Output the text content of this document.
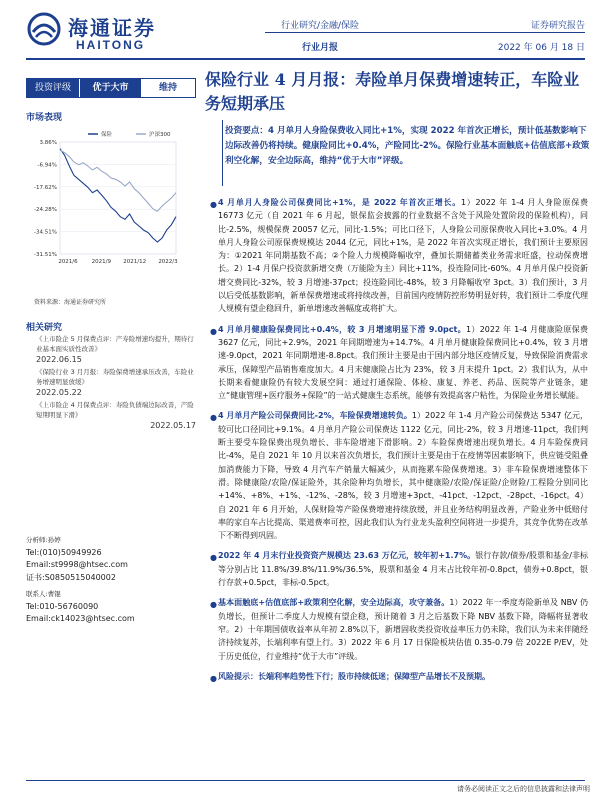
海通证券
HAITONG
行业研究/金融/保险
行业月报
证券研究报告
2022 年 06 月 18 日
投资评级	优于大市	维持
市场表现
3.86%
-6.94%
-17.62%
-24.28%
-34.51%
-31.51%
2021/6	2021/9 2021/12 2022/3
保险	沪深300
资料来源：海通证券研究所
相关研究
《上市险企 5 月保费点评：产寿险增速均提升，期待行业基本面实质性改善》
2022.06.15
《保险行业 3 月月报：寿险保费增速承压改善，车险业务增速明显放缓》
2022.05.22
《上市险企 4 月保费点评：寿险负债端边际改善，产险短期明显下滑》
2022.05.17
分析师:孙婷
Tel:(010)50949926
Email:st9998@htsec.com
证书:S0850515040002
联系人:曹锟
Tel:010-56760090
Email:ck14023@htsec.com
保险行业 4 月月报：寿险单月保费增速转正，车险业务短期承压
投资要点：4 月单月人身险保费收入同比+1%，实现 2022 年首次正增长，预计低基数影响下边际改善仍将持续。健康险同比+0.4%，产险同比-2%。保险行业基本面触底+估值底部+政策利空化解，安全边际高，维持“优于大市”评级。
● 4 月单月人身险公司保费同比+1%，是 2022 年首次正增长。1）2022 年 1-4 月人身险原保费 16773 亿元（自 2021 年 6 月起，银保监会披露的行业数据不含处于风险处置阶段的保险机构），同比-2.5%，规模保费 20057 亿元，同比-1.5%；可比口径下，人身险公司原保费收入同比+3.0%。4 月单月人身险公司原保费规模达 2044 亿元，同比+1%，是 2022 年首次实现正增长，我们预计主要原因为：①2021 年同期基数不高；②个险人力规模降幅收窄，叠加长期储蓄类业务需求旺盛，拉动保费增长。2）1-4 月保户投资款新增交费（万能险为主）同比+11%，投连险同比-60%。4 月单月保户投资新增交费同比-32%，较 3 月增速-37pct；投连险同比-48%，较 3 月降幅收窄 3pct。3）我们预计，3 月以后受低基数影响，新单保费增速或将持续改善，目前国内疫情防控形势明显好转，我们预计二季度代理人规模有望企稳回升，新单增速改善幅度或将扩大。
● 4 月单月健康险保费同比+0.4%，较 3 月增速明显下滑 9.0pct。1）2022 年 1-4 月健康险原保费 3627 亿元，同比+2.9%，2021 年同期增速为+14.7%。4 月单月健康险保费同比+0.4%，较 3 月增速-9.0pct，2021 年同期增速-8.8pct。我们预计主要是由于国内部分地区疫情反复，导致保险消费需求承压，保障型产品销售难度加大。4 月末健康险占比为 23%，较 3 月末提升 1pct。2）我们认为，从中长期来看健康险仍有较大发展空间：通过打通保险、体检、康复、养老、药品、医院等产业链条，建立“健康管理+医疗服务+保险”的一站式健康生态系统，能够有效提高客户粘性，为保险业务增长赋能。
● 4 月单月产险公司保费同比-2%，车险保费增速转负。1）2022 年 1-4 月产险公司保费达 5347 亿元，较可比口径同比+9.1%。4 月单月产险公司保费达 1122 亿元，同比-2%，较 3 月增速-11pct，我们判断主要受车险保费出现负增长、非车险增速下滑影响。2）车险保费增速出现负增长。4 月车险保费同比-4%，是自 2021 年 10 月以来首次负增长，我们预计主要是由于在疫情等因素影响下，供应链受阻叠加消费能力下降，导致 4 月汽车产销量大幅减少，从而拖累车险保费增速。3）非车险保费增速整体下滑。除健康险/农险/保证险外，其余险种均负增长，其中健康险/农险/保证险/企财险/工程险分别同比+14%、+8%、+1%、-12%、-28%，较 3 月增速+3pct、-41pct、-12pct、-28pct、-16pct。4）自 2021 年 6 月开始，人保财险等产险保费增速持续放缓，并且业务结构明显改善，产险业务中低赔付率的家自车占比提高、渠道费率可控，因此我们认为行业龙头盈利空间将进一步提升，其竞争优势在改革下不断得到巩固。
● 2022 年 4 月末行业投资资产规模达 23.63 万亿元，较年初+1.7%。银行存款/债券/股票和基金/非标等分别占比 11.8%/39.8%/11.9%/36.5%，股票和基金 4 月末占比较年初-0.8pct，债券+0.8pct，银行存款+0.5pct，非标-0.5pct。
● 基本面触底+估值底部+政策利空化解，安全边际高，攻守兼备。1）2022 年一季度寿险新单及 NBV 仍负增长，但预计二季度人力规模有望企稳，预计随着 3 月之后基数下降 NBV 基数下降，降幅将显著收窄。2）十年期国债收益率从年初 2.8%以下，新增固收类投资收益率压力仍未除，我们认为未来伴随经济持续复苏，长端利率有望上行。3）2022 年 6 月 17 日保险板块估值 0.35-0.79 倍 2022E P/EV，处于历史低位，行业维持“优于大市”评级。
● 风险提示：长端利率趋势性下行；股市持续低迷；保障型产品增长不及预期。
请务必阅读正文之后的信息披露和法律声明
